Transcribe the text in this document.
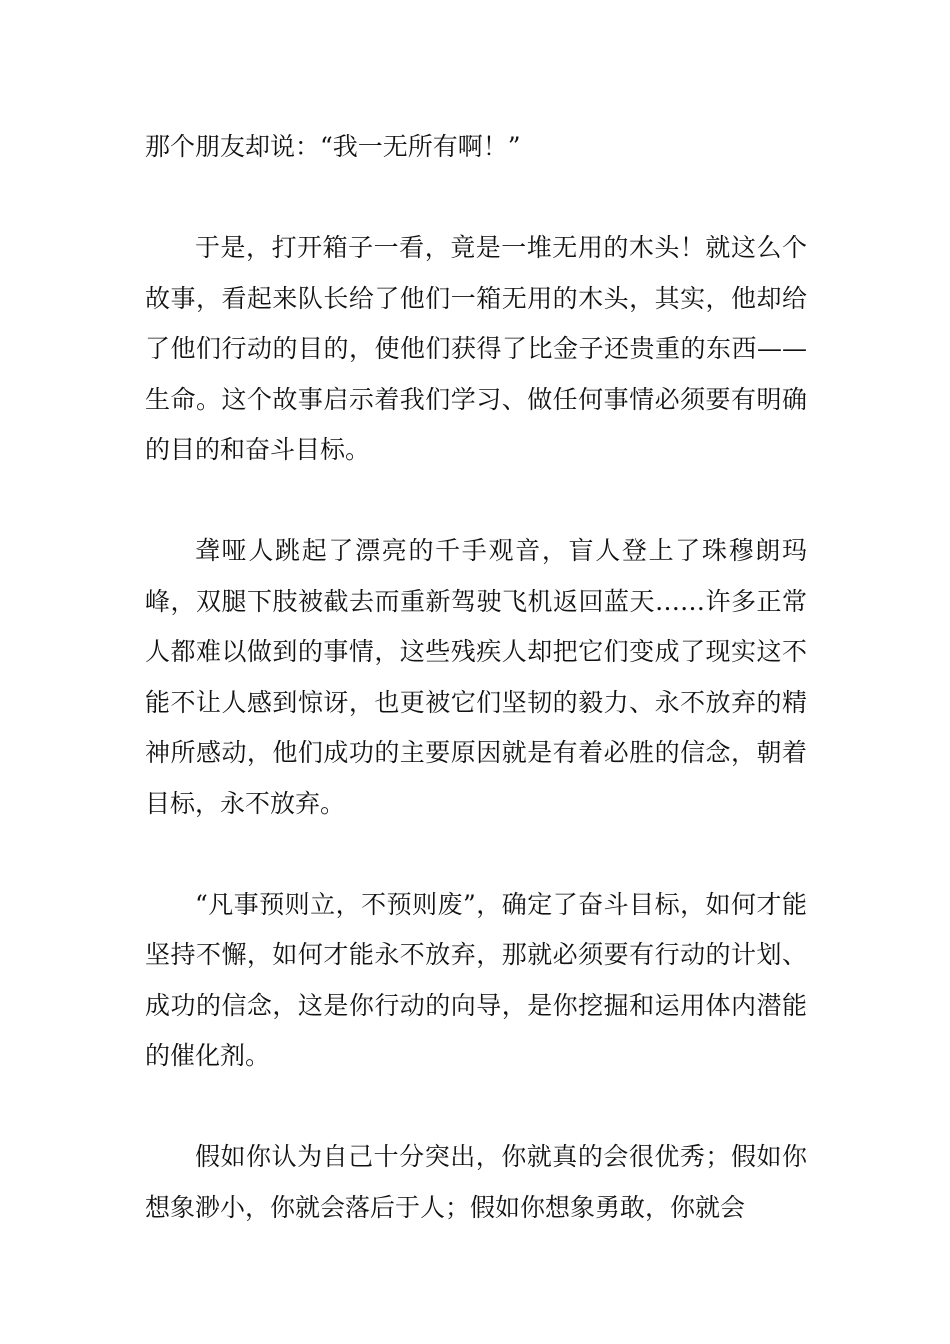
那个朋友却说：“我一无所有啊！”

于是，打开箱子一看，竟是一堆无用的木头！就这么个故事，看起来队长给了他们一箱无用的木头，其实，他却给了他们行动的目的，使他们获得了比金子还贵重的东西——生命。这个故事启示着我们学习、做任何事情必须要有明确的目的和奋斗目标。

聋哑人跳起了漂亮的千手观音，盲人登上了珠穆朗玛峰，双腿下肢被截去而重新驾驶飞机返回蓝天……许多正常人都难以做到的事情，这些残疾人却把它们变成了现实这不能不让人感到惊讶，也更被它们坚韧的毅力、永不放弃的精神所感动，他们成功的主要原因就是有着必胜的信念，朝着目标，永不放弃。

“凡事预则立，不预则废”，确定了奋斗目标，如何才能坚持不懈，如何才能永不放弃，那就必须要有行动的计划、成功的信念，这是你行动的向导，是你挖掘和运用体内潜能的催化剂。

假如你认为自己十分突出，你就真的会很优秀；假如你想象渺小，你就会落后于人；假如你想象勇敢，你就会
